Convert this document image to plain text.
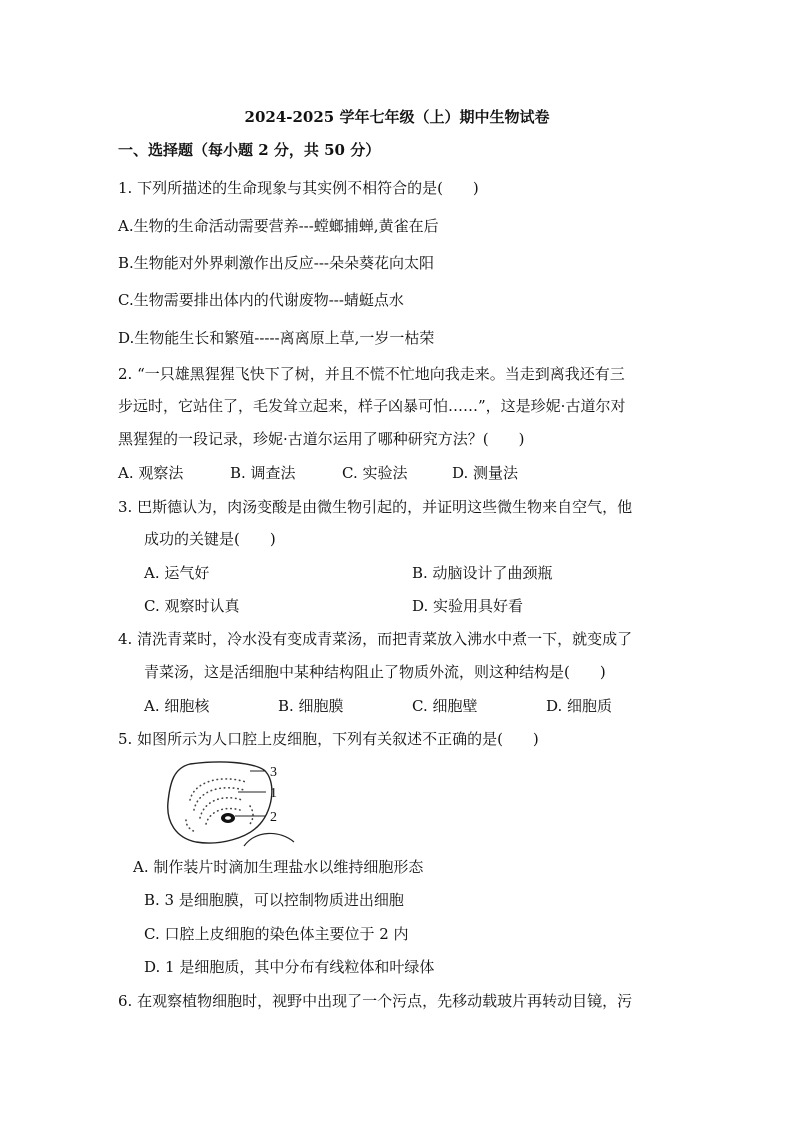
2024-2025 学年七年级（上）期中生物试卷
一、选择题（每小题 2 分，共 50 分）
1. 下列所描述的生命现象与其实例不相符合的是(　　)
A.生物的生命活动需要营养---螳螂捕蝉,黄雀在后
B.生物能对外界刺激作出反应---朵朵葵花向太阳
C.生物需要排出体内的代谢废物---蜻蜓点水
D.生物能生长和繁殖-----离离原上草,一岁一枯荣
2. “一只雄黑猩猩飞快下了树，并且不慌不忙地向我走来。当走到离我还有三
步远时，它站住了，毛发耸立起来，样子凶暴可怕……”，这是珍妮·古道尔对
黑猩猩的一段记录，珍妮·古道尔运用了哪种研究方法？(　　)
A. 观察法	B. 调查法	C. 实验法	D. 测量法
3. 巴斯德认为，肉汤变酸是由微生物引起的，并证明这些微生物来自空气，他
成功的关键是(　　)
A. 运气好	B. 动脑设计了曲颈瓶
C. 观察时认真	D. 实验用具好看
4. 清洗青菜时，冷水没有变成青菜汤，而把青菜放入沸水中煮一下，就变成了
青菜汤，这是活细胞中某种结构阻止了物质外流，则这种结构是(　　)
A. 细胞核	B. 细胞膜	C. 细胞壁	D. 细胞质
5. 如图所示为人口腔上皮细胞，下列有关叙述不正确的是(　　)
3
1
2
A. 制作装片时滴加生理盐水以维持细胞形态
B. 3 是细胞膜，可以控制物质进出细胞
C. 口腔上皮细胞的染色体主要位于 2 内
D. 1 是细胞质，其中分布有线粒体和叶绿体
6. 在观察植物细胞时，视野中出现了一个污点，先移动载玻片再转动目镜，污
